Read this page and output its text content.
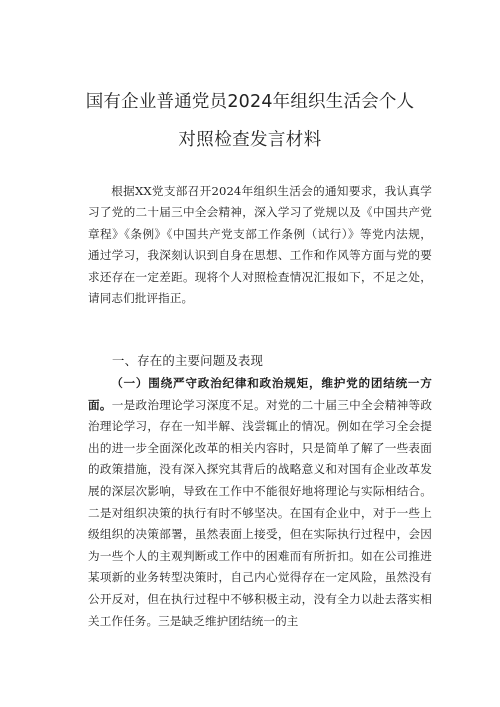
国有企业普通党员2024年组织生活会个人
对照检查发言材料

根据XX党支部召开2024年组织生活会的通知要求，我认真学习了党的二十届三中全会精神，深入学习了党规以及《中国共产党章程》《条例》《中国共产党支部工作条例（试行）》等党内法规，通过学习，我深刻认识到自身在思想、工作和作风等方面与党的要求还存在一定差距。现将个人对照检查情况汇报如下，不足之处，请同志们批评指正。

一、存在的主要问题及表现

（一）围绕严守政治纪律和政治规矩，维护党的团结统一方面。一是政治理论学习深度不足。对党的二十届三中全会精神等政治理论学习，存在一知半解、浅尝辄止的情况。例如在学习全会提出的进一步全面深化改革的相关内容时，只是简单了解了一些表面的政策措施，没有深入探究其背后的战略意义和对国有企业改革发展的深层次影响，导致在工作中不能很好地将理论与实际相结合。二是对组织决策的执行有时不够坚决。在国有企业中，对于一些上级组织的决策部署，虽然表面上接受，但在实际执行过程中，会因为一些个人的主观判断或工作中的困难而有所折扣。如在公司推进某项新的业务转型决策时，自己内心觉得存在一定风险，虽然没有公开反对，但在执行过程中不够积极主动，没有全力以赴去落实相关工作任务。三是缺乏维护团结统一的主
